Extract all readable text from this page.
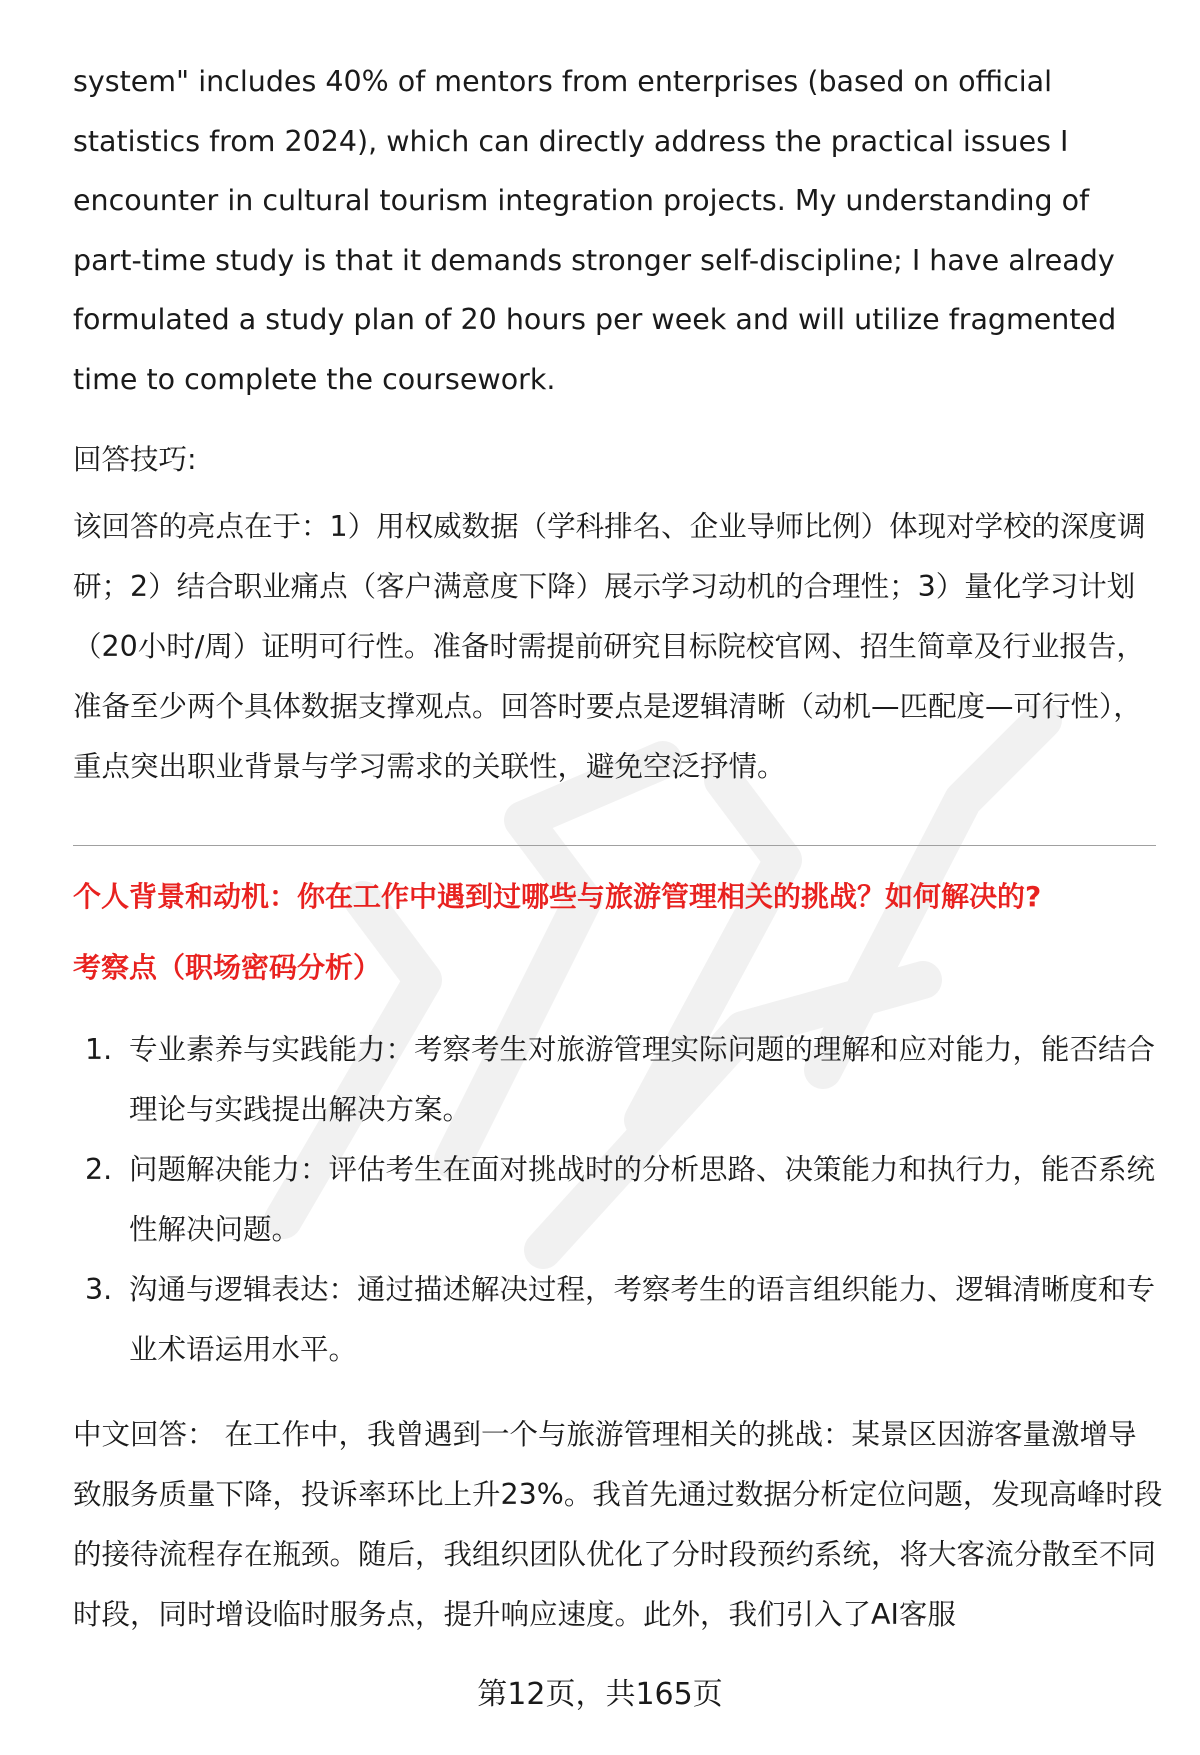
system" includes 40% of mentors from enterprises (based on official statistics from 2024), which can directly address the practical issues I encounter in cultural tourism integration projects. My understanding of part-time study is that it demands stronger self-discipline; I have already formulated a study plan of 20 hours per week and will utilize fragmented time to complete the coursework.

回答技巧:

该回答的亮点在于：1）用权威数据（学科排名、企业导师比例）体现对学校的深度调研；2）结合职业痛点（客户满意度下降）展示学习动机的合理性；3）量化学习计划（20小时/周）证明可行性。准备时需提前研究目标院校官网、招生简章及行业报告，准备至少两个具体数据支撑观点。回答时要点是逻辑清晰（动机—匹配度—可行性），重点突出职业背景与学习需求的关联性，避免空泛抒情。

个人背景和动机：你在工作中遇到过哪些与旅游管理相关的挑战？如何解决的?

考察点（职场密码分析）

1. 专业素养与实践能力：考察考生对旅游管理实际问题的理解和应对能力，能否结合理论与实践提出解决方案。
2. 问题解决能力：评估考生在面对挑战时的分析思路、决策能力和执行力，能否系统性解决问题。
3. 沟通与逻辑表达：通过描述解决过程，考察考生的语言组织能力、逻辑清晰度和专业术语运用水平。

中文回答： 在工作中，我曾遇到一个与旅游管理相关的挑战：某景区因游客量激增导致服务质量下降，投诉率环比上升23%。我首先通过数据分析定位问题，发现高峰时段的接待流程存在瓶颈。随后，我组织团队优化了分时段预约系统，将大客流分散至不同时段，同时增设临时服务点，提升响应速度。此外，我们引入了AI客服

第12页，共165页
